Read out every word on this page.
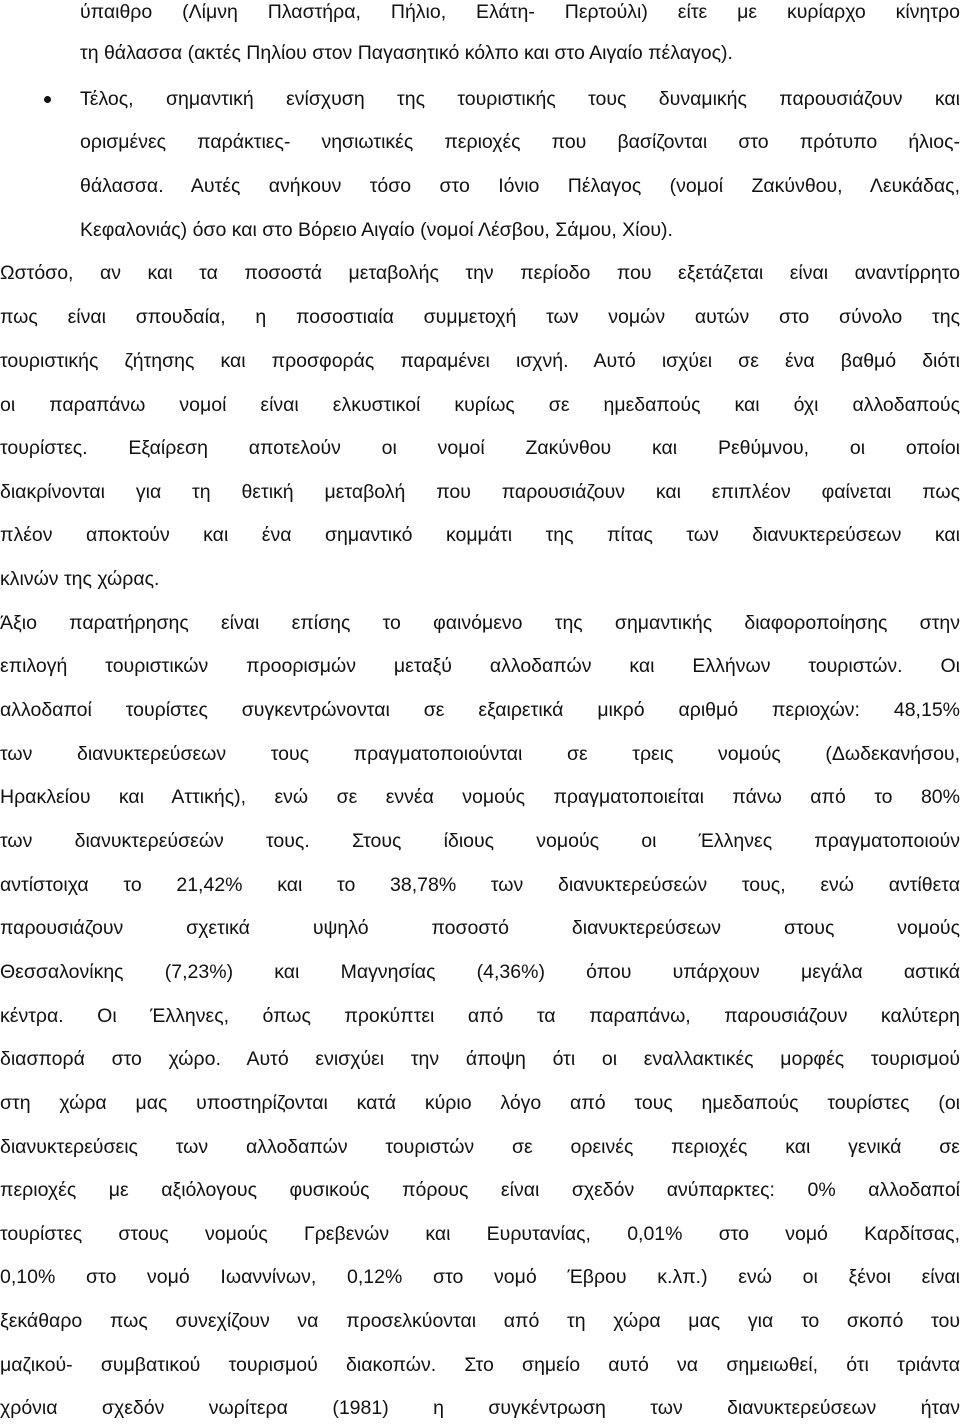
ύπαιθρο (Λίμνη Πλαστήρα, Πήλιο, Ελάτη- Περτούλι) είτε με κυρίαρχο κίνητρο
τη θάλασσα (ακτές Πηλίου στον Παγασητικό κόλπο και στο Αιγαίο πέλαγος).
Τέλος, σημαντική ενίσχυση της τουριστικής τους δυναμικής παρουσιάζουν και
ορισμένες παράκτιες- νησιωτικές περιοχές που βασίζονται στο πρότυπο ήλιος-
θάλασσα. Αυτές ανήκουν τόσο στο Ιόνιο Πέλαγος (νομοί Ζακύνθου, Λευκάδας,
Κεφαλονιάς) όσο και στο Βόρειο Αιγαίο (νομοί Λέσβου, Σάμου, Χίου).
Ωστόσο, αν και τα ποσοστά μεταβολής την περίοδο που εξετάζεται είναι αναντίρρητο
πως είναι σπουδαία, η ποσοστιαία συμμετοχή των νομών αυτών στο σύνολο της
τουριστικής ζήτησης και προσφοράς παραμένει ισχνή. Αυτό ισχύει σε ένα βαθμό διότι
οι παραπάνω νομοί είναι ελκυστικοί κυρίως σε ημεδαπούς και όχι αλλοδαπούς
τουρίστες. Εξαίρεση αποτελούν οι νομοί Ζακύνθου και Ρεθύμνου, οι οποίοι
διακρίνονται για τη θετική μεταβολή που παρουσιάζουν και επιπλέον φαίνεται πως
πλέον αποκτούν και ένα σημαντικό κομμάτι της πίτας των διανυκτερεύσεων και
κλινών της χώρας.
Άξιο παρατήρησης είναι επίσης το φαινόμενο της σημαντικής διαφοροποίησης στην
επιλογή τουριστικών προορισμών μεταξύ αλλοδαπών και Ελλήνων τουριστών. Οι
αλλοδαποί τουρίστες συγκεντρώνονται σε εξαιρετικά μικρό αριθμό περιοχών: 48,15%
των διανυκτερεύσεων τους πραγματοποιούνται σε τρεις νομούς (Δωδεκανήσου,
Ηρακλείου και Αττικής), ενώ σε εννέα νομούς πραγματοποιείται πάνω από το 80%
των διανυκτερεύσεών τους. Στους ίδιους νομούς οι Έλληνες πραγματοποιούν
αντίστοιχα το 21,42% και το 38,78% των διανυκτερεύσεών τους, ενώ αντίθετα
παρουσιάζουν σχετικά υψηλό ποσοστό διανυκτερεύσεων στους νομούς
Θεσσαλονίκης (7,23%) και Μαγνησίας (4,36%) όπου υπάρχουν μεγάλα αστικά
κέντρα. Οι Έλληνες, όπως προκύπτει από τα παραπάνω, παρουσιάζουν καλύτερη
διασπορά στο χώρο. Αυτό ενισχύει την άποψη ότι οι εναλλακτικές μορφές τουρισμού
στη χώρα μας υποστηρίζονται κατά κύριο λόγο από τους ημεδαπούς τουρίστες (οι
διανυκτερεύσεις των αλλοδαπών τουριστών σε ορεινές περιοχές και γενικά σε
περιοχές με αξιόλογους φυσικούς πόρους είναι σχεδόν ανύπαρκτες: 0% αλλοδαποί
τουρίστες στους νομούς Γρεβενών και Ευρυτανίας, 0,01% στο νομό Καρδίτσας,
0,10% στο νομό Ιωαννίνων, 0,12% στο νομό Έβρου κ.λπ.) ενώ οι ξένοι είναι
ξεκάθαρο πως συνεχίζουν να προσελκύονται από τη χώρα μας για το σκοπό του
μαζικού- συμβατικού τουρισμού διακοπών. Στο σημείο αυτό να σημειωθεί, ότι τριάντα
χρόνια σχεδόν νωρίτερα (1981) η συγκέντρωση των διανυκτερεύσεων ήταν
